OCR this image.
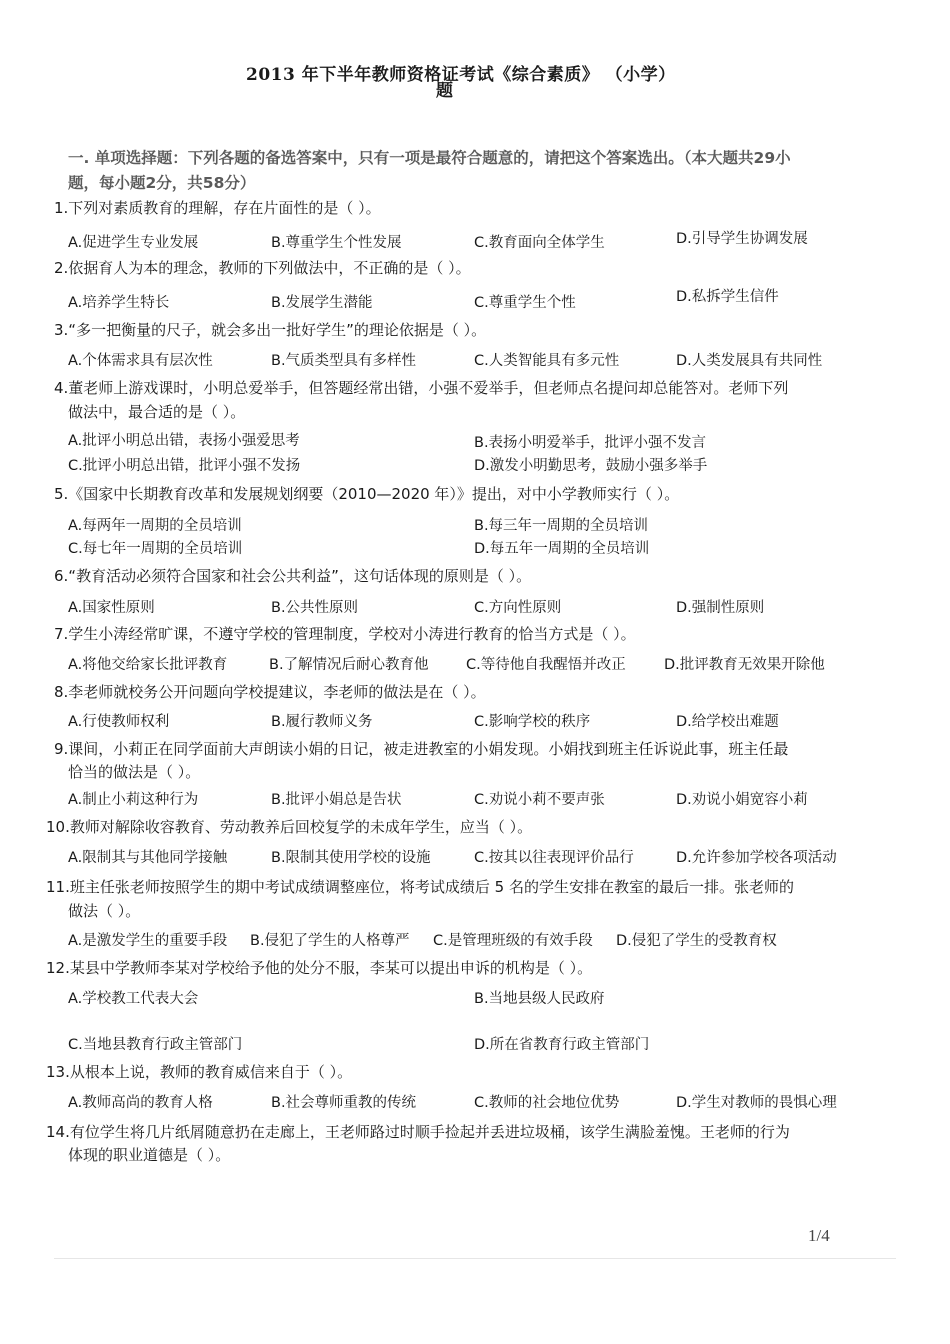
2013 年下半年教师资格证考试《综合素质》 （小学）
题
一. 单项选择题：下列各题的备选答案中，只有一项是最符合题意的，请把这个答案选出。（本大题共29小
题，每小题2分，共58分）
1.下列对素质教育的理解，存在片面性的是（ ）。
A.促进学生专业发展	B.尊重学生个性发展	C.教育面向全体学生	D.引导学生协调发展
2.依据育人为本的理念，教师的下列做法中，不正确的是（ ）。
A.培养学生特长	B.发展学生潜能	C.尊重学生个性	D.私拆学生信件
3.“多一把衡量的尺子，就会多出一批好学生”的理论依据是（ ）。
A.个体需求具有层次性	B.气质类型具有多样性	C.人类智能具有多元性	D.人类发展具有共同性
4.董老师上游戏课时，小明总爱举手，但答题经常出错，小强不爱举手，但老师点名提问却总能答对。老师下列
做法中，最合适的是（ ）。
A.批评小明总出错，表扬小强爱思考	B.表扬小明爱举手，批评小强不发言
C.批评小明总出错，批评小强不发扬	D.激发小明勤思考，鼓励小强多举手
5.《国家中长期教育改革和发展规划纲要（2010—2020 年）》提出，对中小学教师实行（ ）。
A.每两年一周期的全员培训	B.每三年一周期的全员培训
C.每七年一周期的全员培训	D.每五年一周期的全员培训
6.“教育活动必须符合国家和社会公共利益”，这句话体现的原则是（ ）。
A.国家性原则	B.公共性原则	C.方向性原则	D.强制性原则
7.学生小涛经常旷课，不遵守学校的管理制度，学校对小涛进行教育的恰当方式是（ ）。
A.将他交给家长批评教育	B.了解情况后耐心教育他	C.等待他自我醒悟并改正	D.批评教育无效果开除他
8.李老师就校务公开问题向学校提建议，李老师的做法是在（ ）。
A.行使教师权利	B.履行教师义务	C.影响学校的秩序	D.给学校出难题
9.课间，小莉正在同学面前大声朗读小娟的日记，被走进教室的小娟发现。小娟找到班主任诉说此事，班主任最
恰当的做法是（ ）。
A.制止小莉这种行为	B.批评小娟总是告状	C.劝说小莉不要声张	D.劝说小娟宽容小莉
10.教师对解除收容教育、劳动教养后回校复学的未成年学生，应当（ ）。
A.限制其与其他同学接触	B.限制其使用学校的设施	C.按其以往表现评价品行	D.允许参加学校各项活动
11.班主任张老师按照学生的期中考试成绩调整座位，将考试成绩后 5 名的学生安排在教室的最后一排。张老师的
做法（ ）。
A.是激发学生的重要手段 B.侵犯了学生的人格尊严 C.是管理班级的有效手段 D.侵犯了学生的受教育权
12.某县中学教师李某对学校给予他的处分不服，李某可以提出申诉的机构是（ ）。
A.学校教工代表大会	B.当地县级人民政府
C.当地县教育行政主管部门	D.所在省教育行政主管部门
13.从根本上说，教师的教育威信来自于（ ）。
A.教师高尚的教育人格	B.社会尊师重教的传统	C.教师的社会地位优势	D.学生对教师的畏惧心理
14.有位学生将几片纸屑随意扔在走廊上，王老师路过时顺手捡起并丢进垃圾桶，该学生满脸羞愧。王老师的行为
体现的职业道德是（ ）。
1/4
